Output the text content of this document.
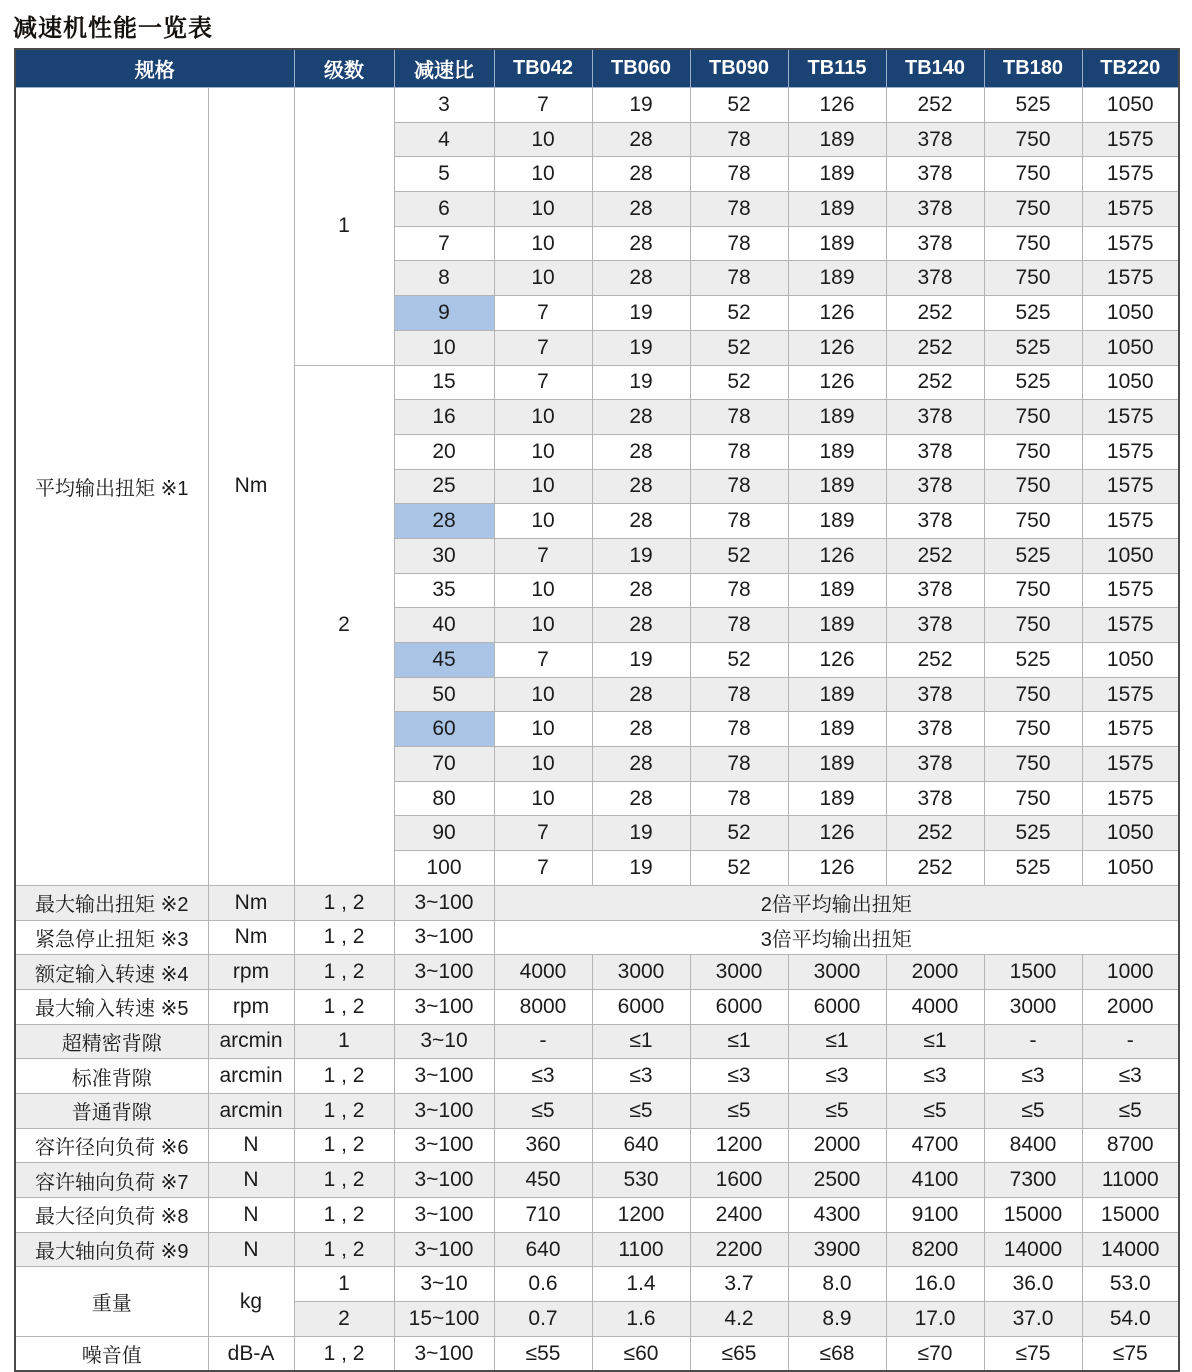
减速机性能一览表
规格		级数	减速比	TB042	TB060	TB090	TB115	TB140	TB180	TB220
平均输出扭矩 ※1	Nm	1	3	7	19	52	126	252	525	1050
			4	10	28	78	189	378	750	1575
			5	10	28	78	189	378	750	1575
			6	10	28	78	189	378	750	1575
			7	10	28	78	189	378	750	1575
			8	10	28	78	189	378	750	1575
			9	7	19	52	126	252	525	1050
			10	7	19	52	126	252	525	1050
		2	15	7	19	52	126	252	525	1050
			16	10	28	78	189	378	750	1575
			20	10	28	78	189	378	750	1575
			25	10	28	78	189	378	750	1575
			28	10	28	78	189	378	750	1575
			30	7	19	52	126	252	525	1050
			35	10	28	78	189	378	750	1575
			40	10	28	78	189	378	750	1575
			45	7	19	52	126	252	525	1050
			50	10	28	78	189	378	750	1575
			60	10	28	78	189	378	750	1575
			70	10	28	78	189	378	750	1575
			80	10	28	78	189	378	750	1575
			90	7	19	52	126	252	525	1050
			100	7	19	52	126	252	525	1050
最大输出扭矩 ※2	Nm	1 , 2	3~100	2倍平均输出扭矩						
紧急停止扭矩 ※3	Nm	1 , 2	3~100	3倍平均输出扭矩						
额定输入转速 ※4	rpm	1 , 2	3~100	4000	3000	3000	3000	2000	1500	1000
最大输入转速 ※5	rpm	1 , 2	3~100	8000	6000	6000	6000	4000	3000	2000
超精密背隙	arcmin	1	3~10	-	≤1	≤1	≤1	≤1	-	-
标准背隙	arcmin	1 , 2	3~100	≤3	≤3	≤3	≤3	≤3	≤3	≤3
普通背隙	arcmin	1 , 2	3~100	≤5	≤5	≤5	≤5	≤5	≤5	≤5
容许径向负荷 ※6	N	1 , 2	3~100	360	640	1200	2000	4700	8400	8700
容许轴向负荷 ※7	N	1 , 2	3~100	450	530	1600	2500	4100	7300	11000
最大径向负荷 ※8	N	1 , 2	3~100	710	1200	2400	4300	9100	15000	15000
最大轴向负荷 ※9	N	1 , 2	3~100	640	1100	2200	3900	8200	14000	14000
重量	kg	1	3~10	0.6	1.4	3.7	8.0	16.0	36.0	53.0
		2	15~100	0.7	1.6	4.2	8.9	17.0	37.0	54.0
噪音值	dB-A	1 , 2	3~100	≤55	≤60	≤65	≤68	≤70	≤75	≤75
